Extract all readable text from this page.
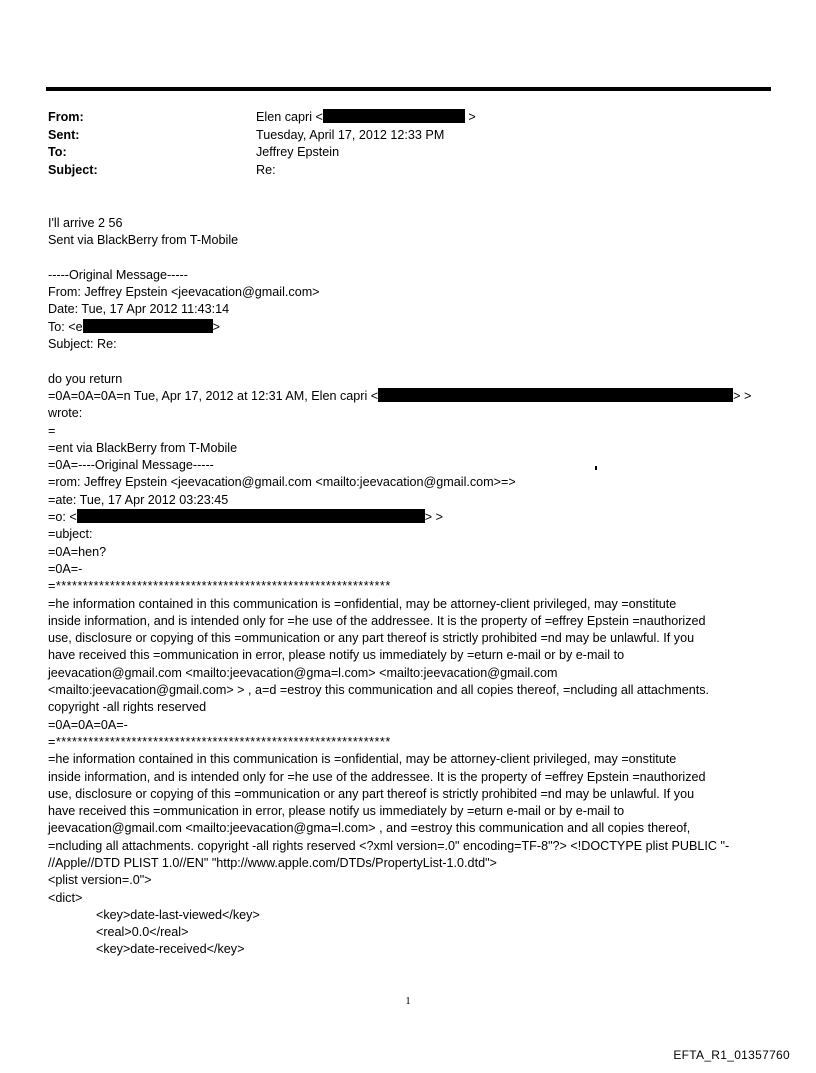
From:	Elen capri <	>
Sent:	Tuesday, April 17, 2012 12:33 PM
To:	Jeffrey Epstein
Subject:	Re:
I'll arrive 2 56
Sent via BlackBerry from T-Mobile
-----Original Message-----
From: Jeffrey Epstein <jeevacation@gmail.com>
Date: Tue, 17 Apr 2012 11:43:14
To: <e	>
Subject: Re:
do you return
=0A=0A=0A=n Tue, Apr 17, 2012 at 12:31 AM, Elen capri <	> >
wrote:
=
=ent via BlackBerry from T-Mobile
=0A=----Original Message-----
=rom: Jeffrey Epstein <jeevacation@gmail.com <mailto:jeevacation@gmail.com>=>
=ate: Tue, 17 Apr 2012 03:23:45
=o: <	> >
=ubject:
=0A=hen?
=0A=-
=**************************************************************
=he information contained in this communication is =onfidential, may be attorney-client privileged, may =onstitute
inside information, and is intended only for =he use of the addressee. It is the property of =effrey Epstein =nauthorized
use, disclosure or copying of this =ommunication or any part thereof is strictly prohibited =nd may be unlawful. If you
have received this =ommunication in error, please notify us immediately by =eturn e-mail or by e-mail to
jeevacation@gmail.com <mailto:jeevacation@gma=l.com> <mailto:jeevacation@gmail.com
<mailto:jeevacation@gmail.com> > , a=d =estroy this communication and all copies thereof, =ncluding all attachments.
copyright -all rights reserved
=0A=0A=0A=-
=**************************************************************
=he information contained in this communication is =onfidential, may be attorney-client privileged, may =onstitute
inside information, and is intended only for =he use of the addressee. It is the property of =effrey Epstein =nauthorized
use, disclosure or copying of this =ommunication or any part thereof is strictly prohibited =nd may be unlawful. If you
have received this =ommunication in error, please notify us immediately by =eturn e-mail or by e-mail to
jeevacation@gmail.com <mailto:jeevacation@gma=l.com> , and =estroy this communication and all copies thereof,
=ncluding all attachments. copyright -all rights reserved <?xml version=.0" encoding=TF-8"?> <!DOCTYPE plist PUBLIC "-
//Apple//DTD PLIST 1.0//EN" "http://www.apple.com/DTDs/PropertyList-1.0.dtd">
<plist version=.0">
<dict>
<key>date-last-viewed</key>
<real>0.0</real>
<key>date-received</key>
1
EFTA_R1_01357760
